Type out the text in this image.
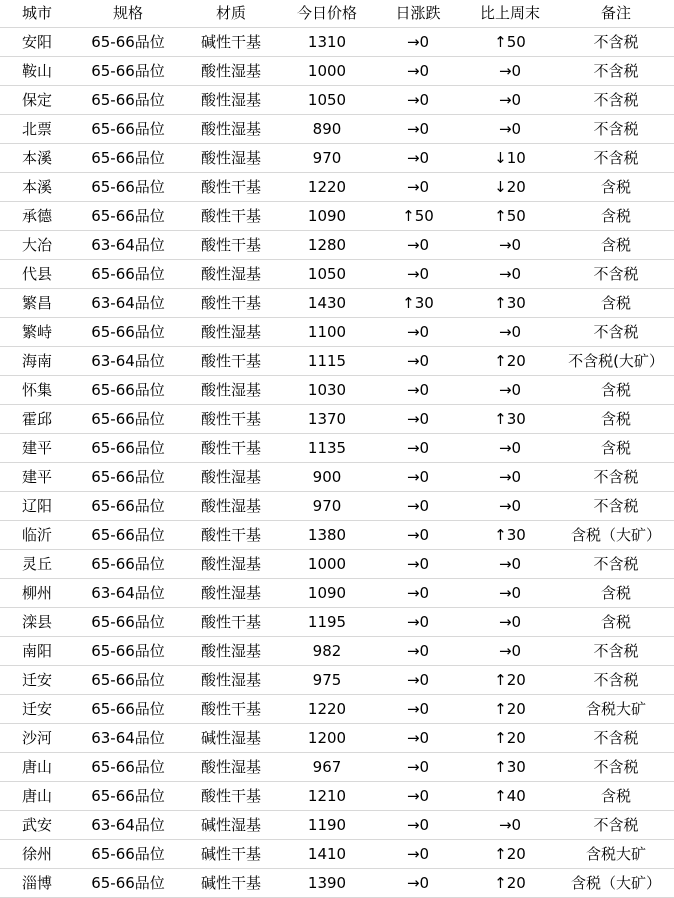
城市	规格	材质	今日价格	日涨跌	比上周末	备注
安阳	65-66品位	碱性干基	1310	→0	↑50	不含税
鞍山	65-66品位	酸性湿基	1000	→0	→0	不含税
保定	65-66品位	酸性湿基	1050	→0	→0	不含税
北票	65-66品位	酸性湿基	890	→0	→0	不含税
本溪	65-66品位	酸性湿基	970	→0	↓10	不含税
本溪	65-66品位	酸性干基	1220	→0	↓20	含税
承德	65-66品位	酸性干基	1090	↑50	↑50	含税
大冶	63-64品位	酸性干基	1280	→0	→0	含税
代县	65-66品位	酸性湿基	1050	→0	→0	不含税
繁昌	63-64品位	酸性干基	1430	↑30	↑30	含税
繁峙	65-66品位	酸性湿基	1100	→0	→0	不含税
海南	63-64品位	酸性干基	1115	→0	↑20	不含税(大矿）
怀集	65-66品位	酸性湿基	1030	→0	→0	含税
霍邱	65-66品位	酸性干基	1370	→0	↑30	含税
建平	65-66品位	酸性干基	1135	→0	→0	含税
建平	65-66品位	酸性湿基	900	→0	→0	不含税
辽阳	65-66品位	酸性湿基	970	→0	→0	不含税
临沂	65-66品位	酸性干基	1380	→0	↑30	含税（大矿）
灵丘	65-66品位	酸性湿基	1000	→0	→0	不含税
柳州	63-64品位	酸性湿基	1090	→0	→0	含税
滦县	65-66品位	酸性干基	1195	→0	→0	含税
南阳	65-66品位	酸性湿基	982	→0	→0	不含税
迁安	65-66品位	酸性湿基	975	→0	↑20	不含税
迁安	65-66品位	酸性干基	1220	→0	↑20	含税大矿
沙河	63-64品位	碱性湿基	1200	→0	↑20	不含税
唐山	65-66品位	酸性湿基	967	→0	↑30	不含税
唐山	65-66品位	酸性干基	1210	→0	↑40	含税
武安	63-64品位	碱性湿基	1190	→0	→0	不含税
徐州	65-66品位	碱性干基	1410	→0	↑20	含税大矿
淄博	65-66品位	碱性干基	1390	→0	↑20	含税（大矿）
